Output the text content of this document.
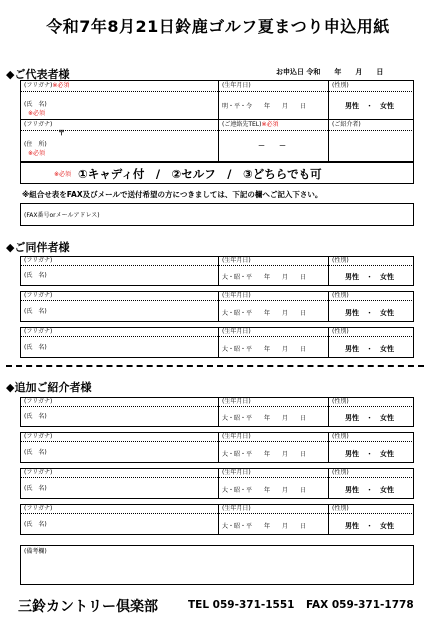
令和7年8月21日鈴鹿ゴルフ夏まつり申込用紙
◆ご代表者様	お申込日 令和　　年　　月　　日
(フリガナ)※必須
(氏　名)
※必須
(生年月日)
明・平・令　　年　　月　　日
(性別)
男性　・　女性
(フリガナ)
〒
(住　所)
※必須
(ご連絡先TEL)※必須
－　　－
(ご紹介者)
※必須 ①キャディ付　/　②セルフ　/　③どちらでも可
※組合せ表をFAX及びメールで送付希望の方につきましては、下記の欄へご記入下さい。
(FAX番号orメールアドレス)
◆ご同伴者様
(フリガナ)
(氏　名)
(生年月日)
大・昭・平　　年　　月　　日
(性別)
男性　・　女性
(フリガナ)
(氏　名)
(生年月日)
大・昭・平　　年　　月　　日
(性別)
男性　・　女性
(フリガナ)
(氏　名)
(生年月日)
大・昭・平　　年　　月　　日
(性別)
男性　・　女性
◆追加ご紹介者様
(フリガナ)
(氏　名)
(生年月日)
大・昭・平　　年　　月　　日
(性別)
男性　・　女性
(フリガナ)
(氏　名)
(生年月日)
大・昭・平　　年　　月　　日
(性別)
男性　・　女性
(フリガナ)
(氏　名)
(生年月日)
大・昭・平　　年　　月　　日
(性別)
男性　・　女性
(フリガナ)
(氏　名)
(生年月日)
大・昭・平　　年　　月　　日
(性別)
男性　・　女性
(備考欄)
三鈴カントリー倶楽部	TEL 059-371-1551 FAX 059-371-1778
